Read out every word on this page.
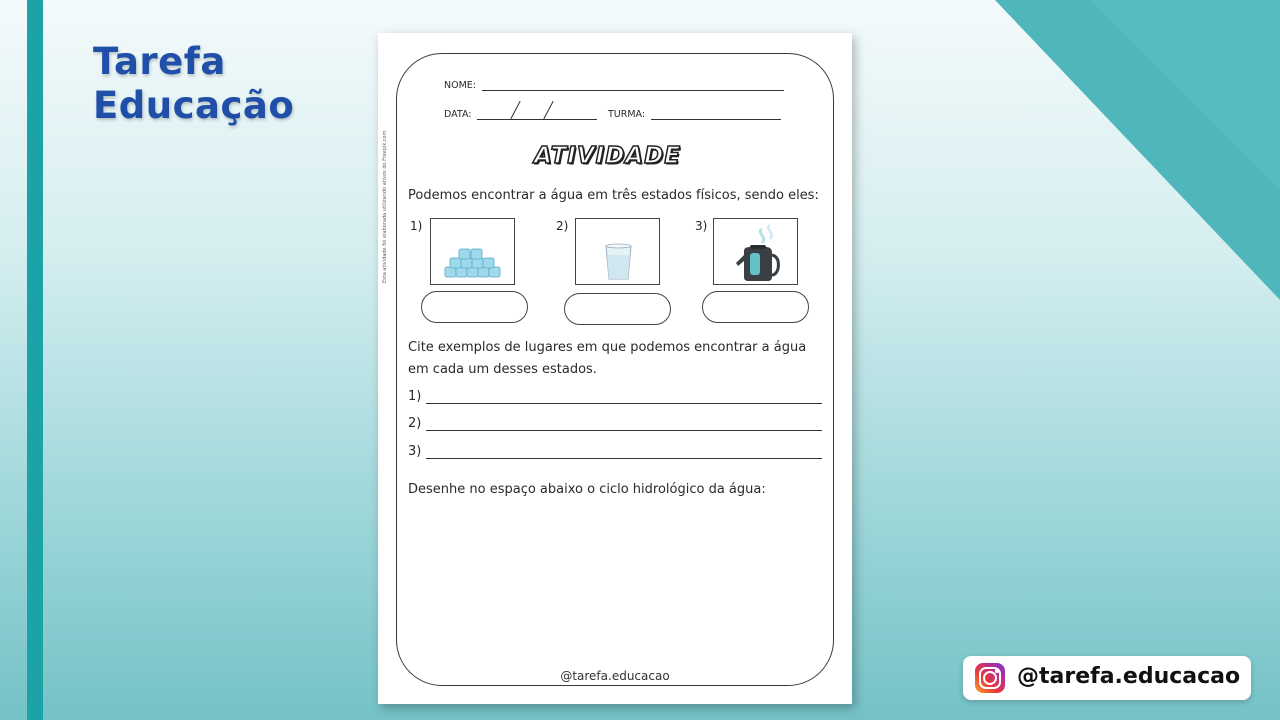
Tarefa
Educação
Esta atividade foi elaborada utilizando ativos do Freepik.com
NOME:
DATA:	TURMA:
ATIVIDADE
Podemos encontrar a água em três estados físicos, sendo eles:
1)	2)	3)
Cite exemplos de lugares em que podemos encontrar a água
em cada um desses estados.
1)
2)
3)
Desenhe no espaço abaixo o ciclo hidrológico da água:
@tarefa.educacao	@tarefa.educacao
